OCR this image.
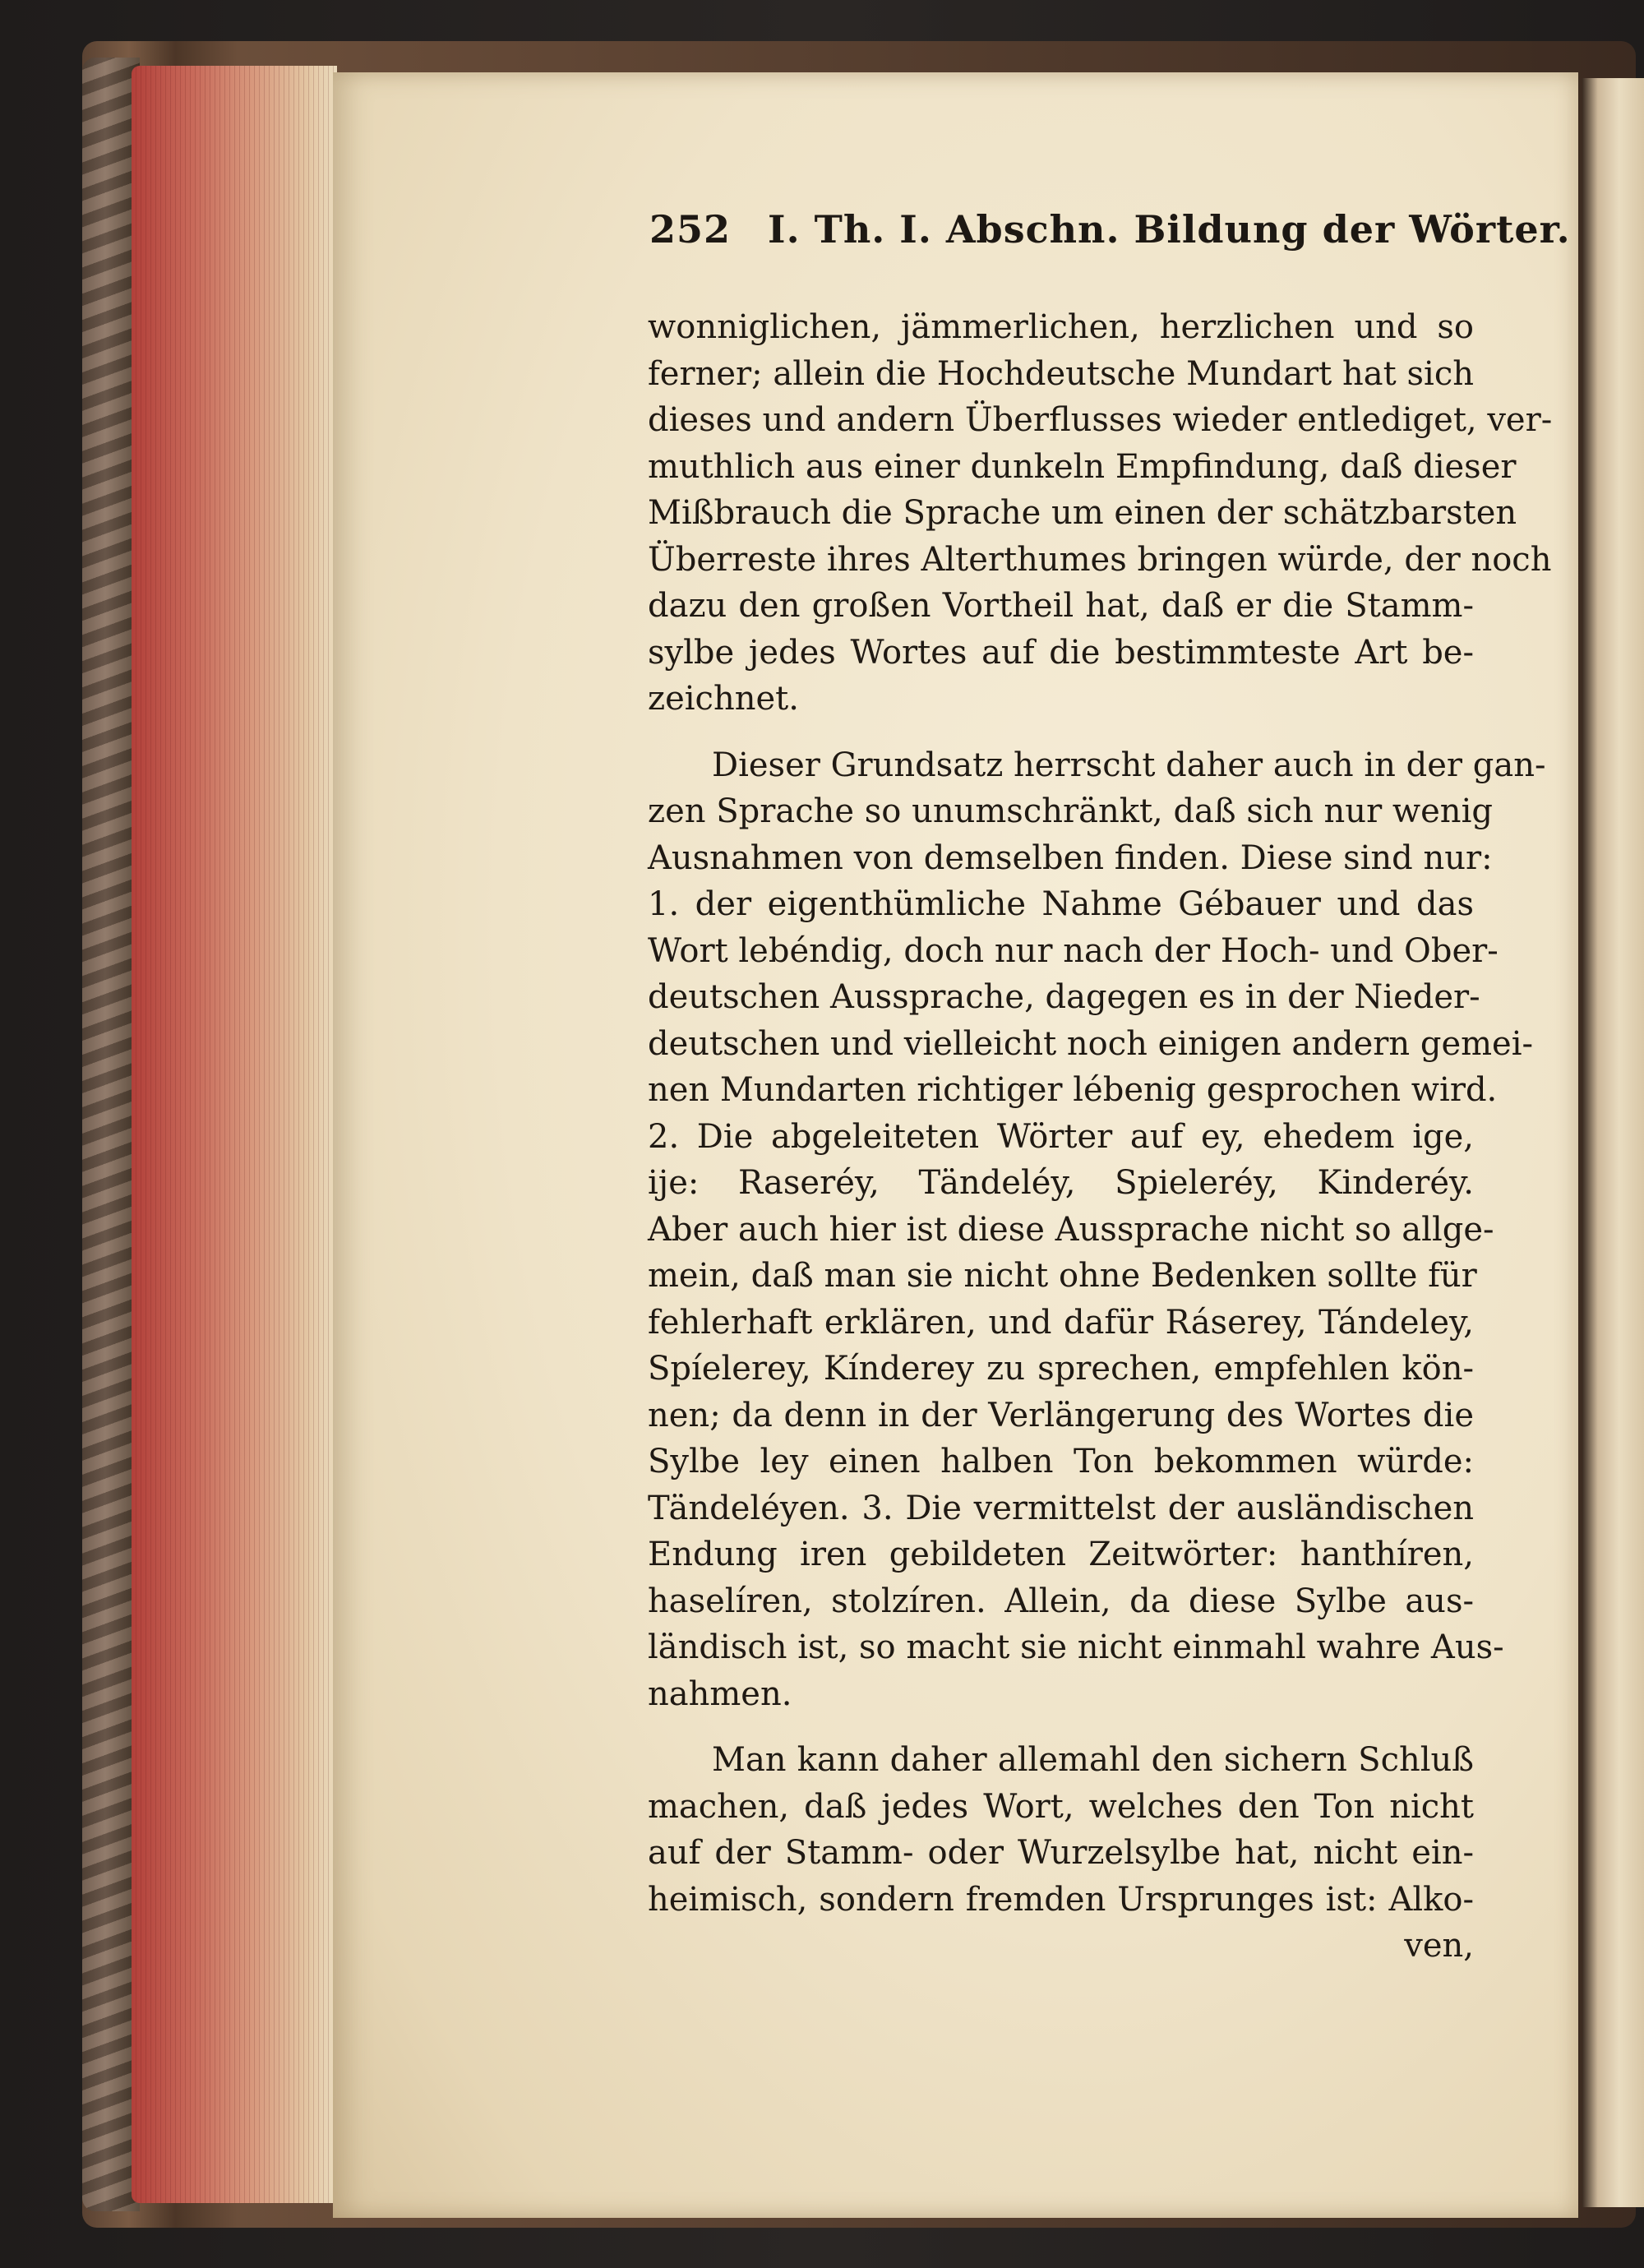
252 I. Th. I. Abschn. Bildung der Wörter.
wonniglichen, jämmerlichen, herzlichen und so
ferner; allein die Hochdeutsche Mundart hat sich
dieses und andern Überflusses wieder entlediget, ver-
muthlich aus einer dunkeln Empfindung, daß dieser
Mißbrauch die Sprache um einen der schätzbarsten
Überreste ihres Alterthumes bringen würde, der noch
dazu den großen Vortheil hat, daß er die Stamm-
sylbe jedes Wortes auf die bestimmteste Art be-
zeichnet.
Dieser Grundsatz herrscht daher auch in der gan-
zen Sprache so unumschränkt, daß sich nur wenig
Ausnahmen von demselben finden. Diese sind nur:
1. der eigenthümliche Nahme Gébauer und das
Wort lebéndig, doch nur nach der Hoch- und Ober-
deutschen Aussprache, dagegen es in der Nieder-
deutschen und vielleicht noch einigen andern gemei-
nen Mundarten richtiger lébenig gesprochen wird.
2. Die abgeleiteten Wörter auf ey, ehedem ige,
ije: Raseréy, Tändeléy, Spieleréy, Kinderéy.
Aber auch hier ist diese Aussprache nicht so allge-
mein, daß man sie nicht ohne Bedenken sollte für
fehlerhaft erklären, und dafür Ráserey, Tándeley,
Spíelerey, Kínderey zu sprechen, empfehlen kön-
nen; da denn in der Verlängerung des Wortes die
Sylbe ley einen halben Ton bekommen würde:
Tändeléyen. 3. Die vermittelst der ausländischen
Endung iren gebildeten Zeitwörter: hanthíren,
haselíren, stolzíren. Allein, da diese Sylbe aus-
ländisch ist, so macht sie nicht einmahl wahre Aus-
nahmen.
Man kann daher allemahl den sichern Schluß
machen, daß jedes Wort, welches den Ton nicht
auf der Stamm- oder Wurzelsylbe hat, nicht ein-
heimisch, sondern fremden Ursprunges ist: Alko-
ven,
